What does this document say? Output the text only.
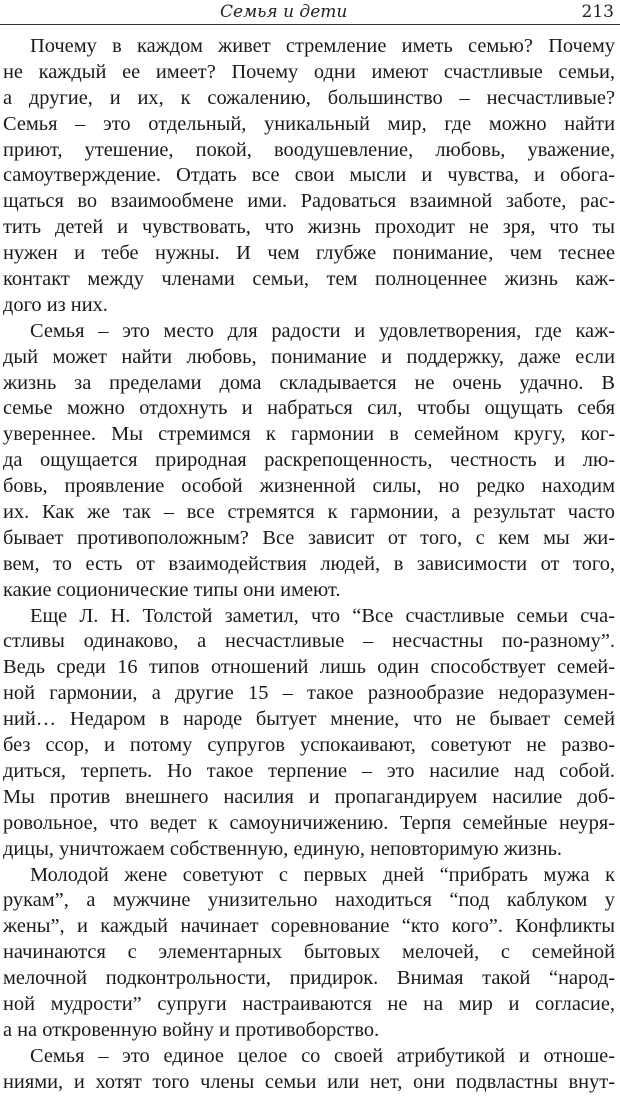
Семья и дети	213
Почему в каждом живет стремление иметь семью? Почему
не каждый ее имеет? Почему одни имеют счастливые семьи,
а другие, и их, к сожалению, большинство – несчастливые?
Семья – это отдельный, уникальный мир, где можно найти
приют, утешение, покой, воодушевление, любовь, уважение,
самоутверждение. Отдать все свои мысли и чувства, и обога-
щаться во взаимообмене ими. Радоваться взаимной заботе, рас-
тить детей и чувствовать, что жизнь проходит не зря, что ты
нужен и тебе нужны. И чем глубже понимание, чем теснее
контакт между членами семьи, тем полноценнее жизнь каж-
дого из них.
Семья – это место для радости и удовлетворения, где каж-
дый может найти любовь, понимание и поддержку, даже если
жизнь за пределами дома складывается не очень удачно. В
семье можно отдохнуть и набраться сил, чтобы ощущать себя
увереннее. Мы стремимся к гармонии в семейном кругу, ког-
да ощущается природная раскрепощенность, честность и лю-
бовь, проявление особой жизненной силы, но редко находим
их. Как же так – все стремятся к гармонии, а результат часто
бывает противоположным? Все зависит от того, с кем мы жи-
вем, то есть от взаимодействия людей, в зависимости от того,
какие соционические типы они имеют.
Еще Л. Н. Толстой заметил, что “Все счастливые семьи сча-
стливы одинаково, а несчастливые – несчастны по-разному”.
Ведь среди 16 типов отношений лишь один способствует семей-
ной гармонии, а другие 15 – такое разнообразие недоразумен-
ний… Недаром в народе бытует мнение, что не бывает семей
без ссор, и потому супругов успокаивают, советуют не разво-
диться, терпеть. Но такое терпение – это насилие над собой.
Мы против внешнего насилия и пропагандируем насилие доб-
ровольное, что ведет к самоуничижению. Терпя семейные неуря-
дицы, уничтожаем собственную, единую, неповторимую жизнь.
Молодой жене советуют с первых дней “прибрать мужа к
рукам”, а мужчине унизительно находиться “под каблуком у
жены”, и каждый начинает соревнование “кто кого”. Конфликты
начинаются с элементарных бытовых мелочей, с семейной
мелочной подконтрольности, придирок. Внимая такой “народ-
ной мудрости” супруги настраиваются не на мир и согласие,
а на откровенную войну и противоборство.
Семья – это единое целое со своей атрибутикой и отноше-
ниями, и хотят того члены семьи или нет, они подвластны внут-
